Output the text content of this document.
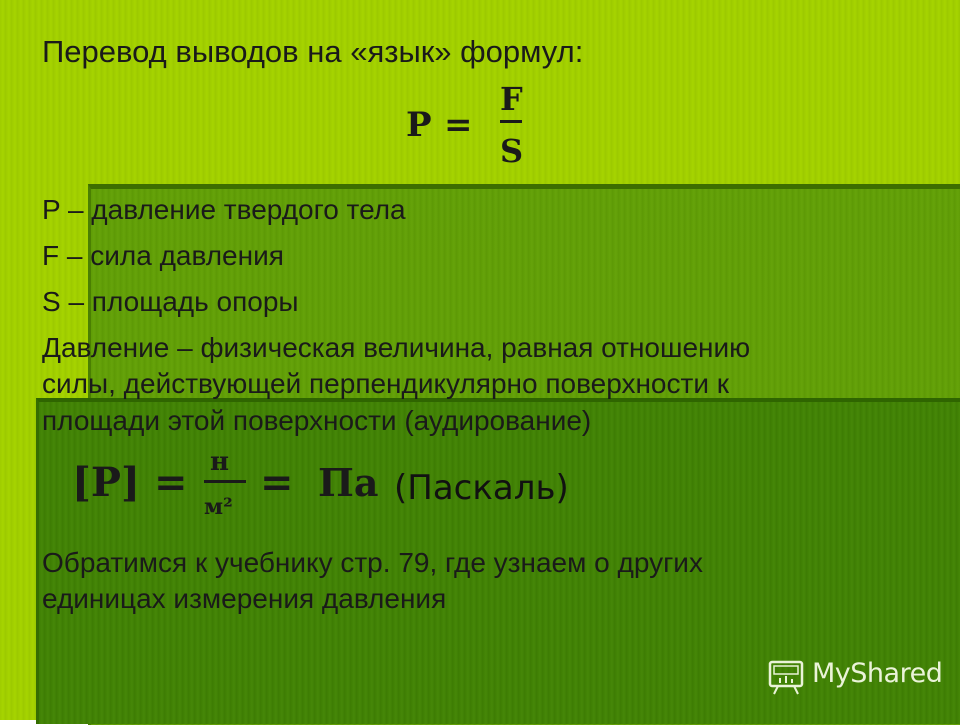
Перевод выводов на «язык» формул:
P =
F
S
P – давление твердого тела
F – сила давления
S – площадь опоры
Давление – физическая величина, равная отношению
силы, действующей перпендикулярно поверхности к
площади этой поверхности (аудирование)
[P] = н
м²
= Па (Паскаль)
Обратимся к учебнику стр. 79, где узнаем о других
единицах измерения давления
MyShared
